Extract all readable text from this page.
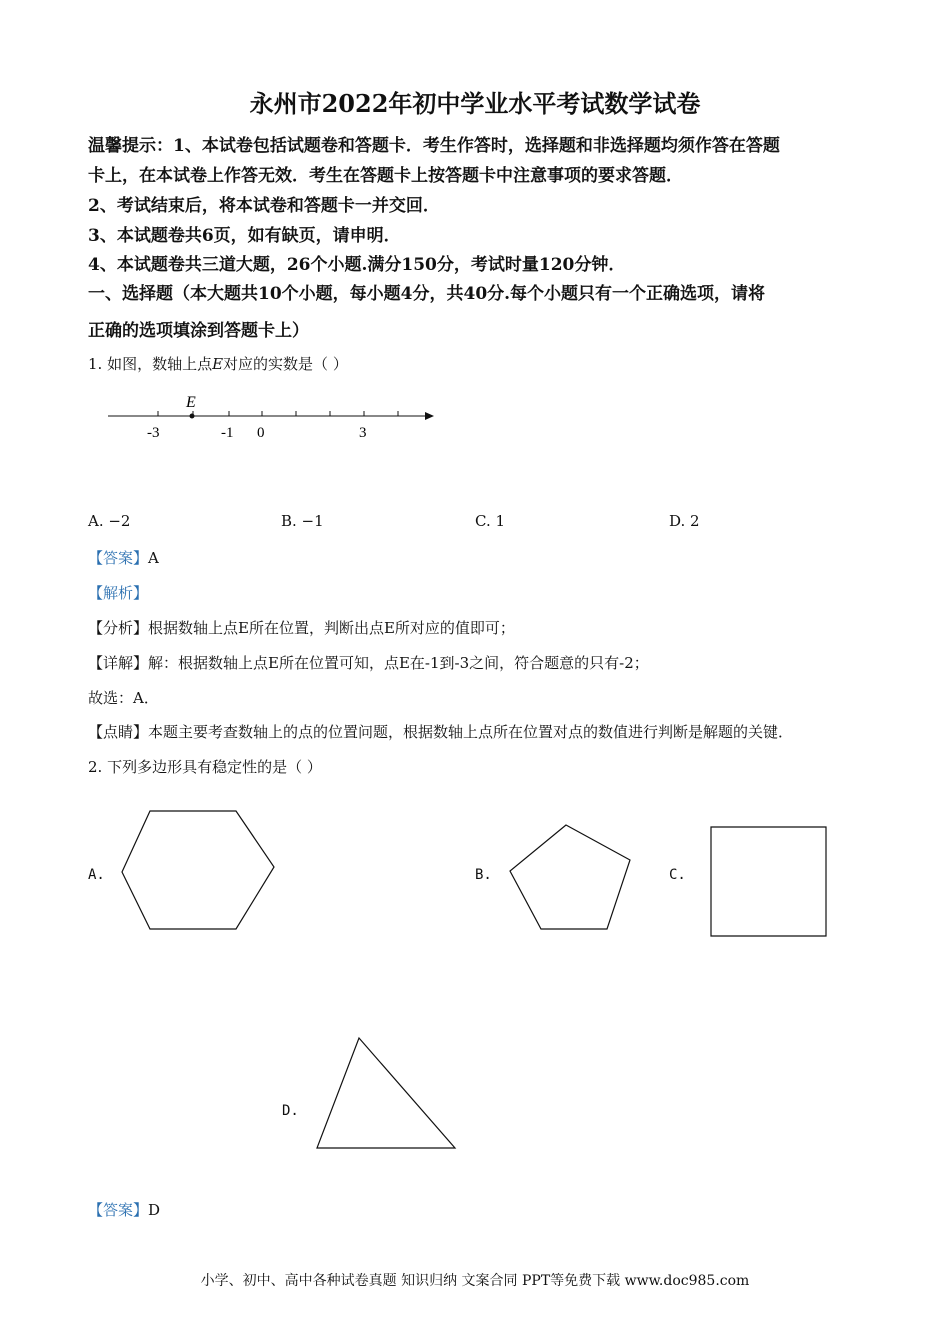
永州市2022年初中学业水平考试数学试卷
温馨提示：1、本试卷包括试题卷和答题卡．考生作答时，选择题和非选择题均须作答在答题
卡上，在本试卷上作答无效．考生在答题卡上按答题卡中注意事项的要求答题．
2、考试结束后，将本试卷和答题卡一并交回．
3、本试题卷共6页，如有缺页，请申明．
4、本试题卷共三道大题，26个小题.满分150分，考试时量120分钟．
一、选择题（本大题共10个小题，每小题4分，共40分.每个小题只有一个正确选项，请将
正确的选项填涂到答题卡上）
1. 如图，数轴上点E对应的实数是（ ）
E
-3	-1 0	3
A. −2	B. −1	C. 1	D. 2
【答案】A
【解析】
【分析】根据数轴上点E所在位置，判断出点E所对应的值即可；
【详解】解：根据数轴上点E所在位置可知，点E在-1到-3之间，符合题意的只有-2；
故选：A．
【点睛】本题主要考查数轴上的点的位置问题，根据数轴上点所在位置对点的数值进行判断是解题的关键．
2. 下列多边形具有稳定性的是（ ）
A.	B.	C.
D.
【答案】D
小学、初中、高中各种试卷真题 知识归纳 文案合同 PPT等免费下载 www.doc985.com
